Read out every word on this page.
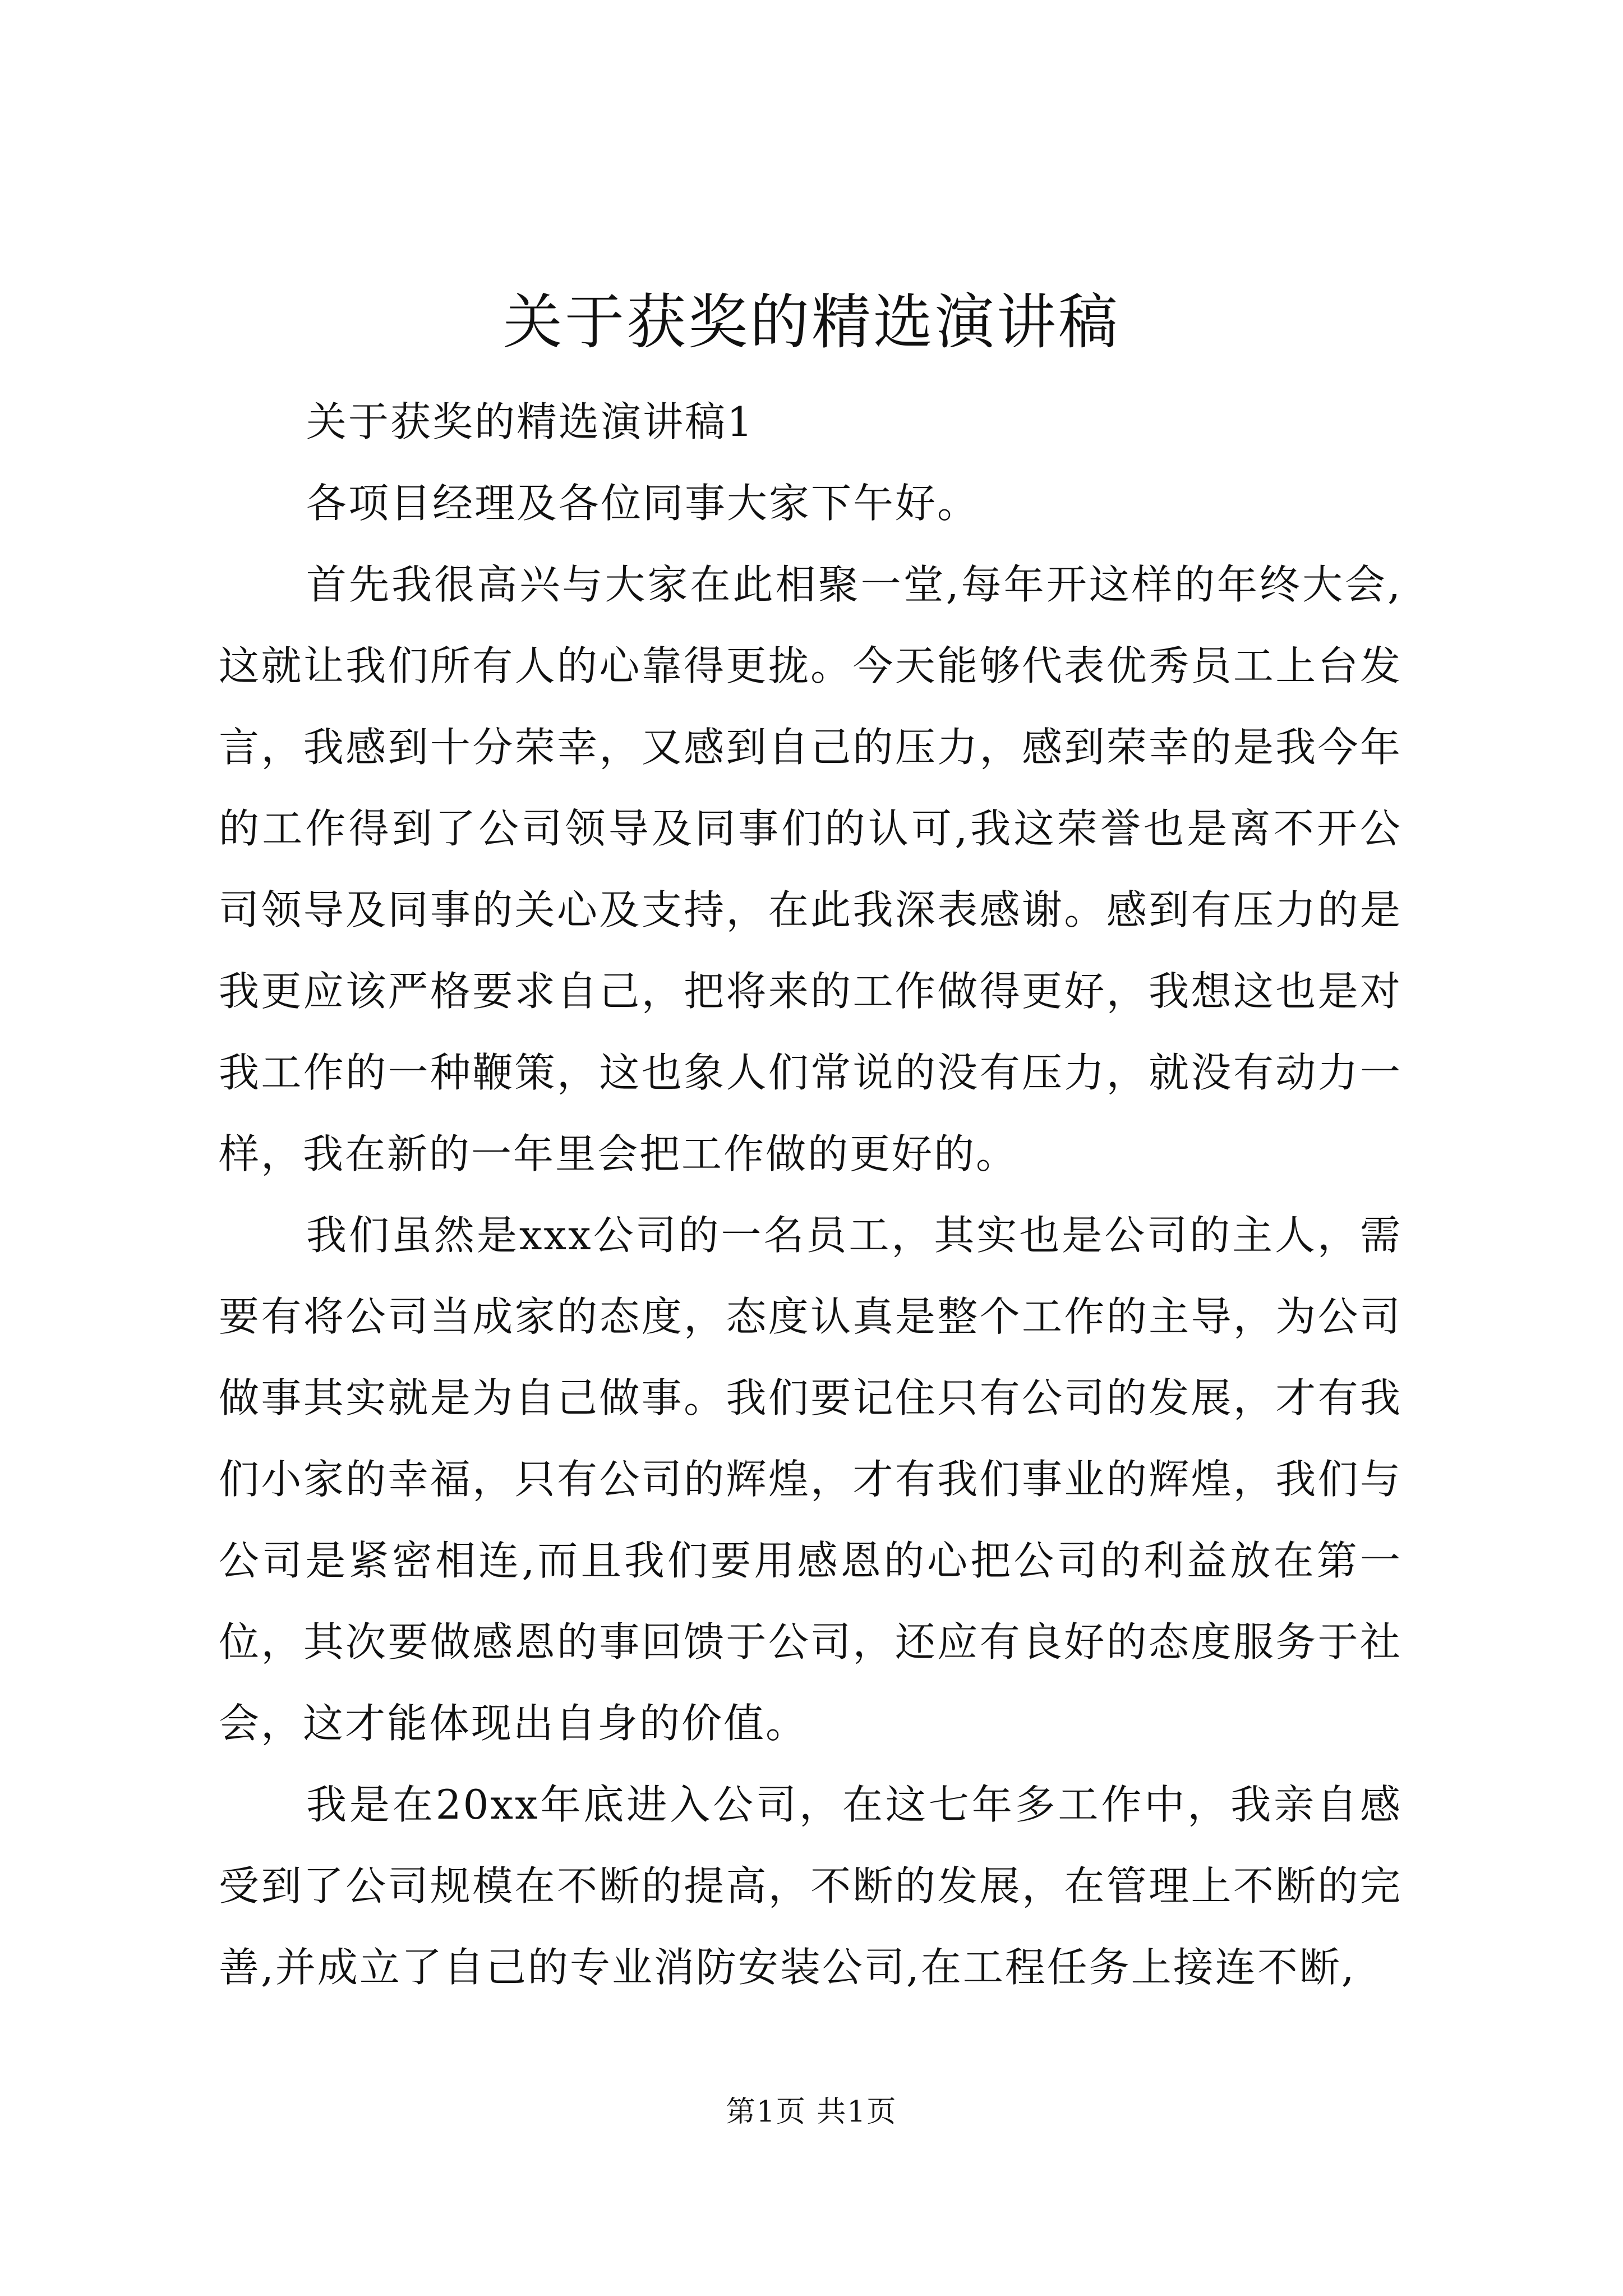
关于获奖的精选演讲稿

关于获奖的精选演讲稿1

各项目经理及各位同事大家下午好。

首先我很高兴与大家在此相聚一堂,每年开这样的年终大会,这就让我们所有人的心靠得更拢。今天能够代表优秀员工上台发言，我感到十分荣幸，又感到自己的压力，感到荣幸的是我今年的工作得到了公司领导及同事们的认可,我这荣誉也是离不开公司领导及同事的关心及支持，在此我深表感谢。感到有压力的是我更应该严格要求自己，把将来的工作做得更好，我想这也是对我工作的一种鞭策，这也象人们常说的没有压力，就没有动力一样，我在新的一年里会把工作做的更好的。

我们虽然是xxx公司的一名员工，其实也是公司的主人，需要有将公司当成家的态度，态度认真是整个工作的主导，为公司做事其实就是为自己做事。我们要记住只有公司的发展，才有我们小家的幸福，只有公司的辉煌，才有我们事业的辉煌，我们与公司是紧密相连,而且我们要用感恩的心把公司的利益放在第一位，其次要做感恩的事回馈于公司，还应有良好的态度服务于社会，这才能体现出自身的价值。

我是在20xx年底进入公司，在这七年多工作中，我亲自感受到了公司规模在不断的提高，不断的发展，在管理上不断的完善,并成立了自己的专业消防安装公司,在工程任务上接连不断,

第1页 共1页
